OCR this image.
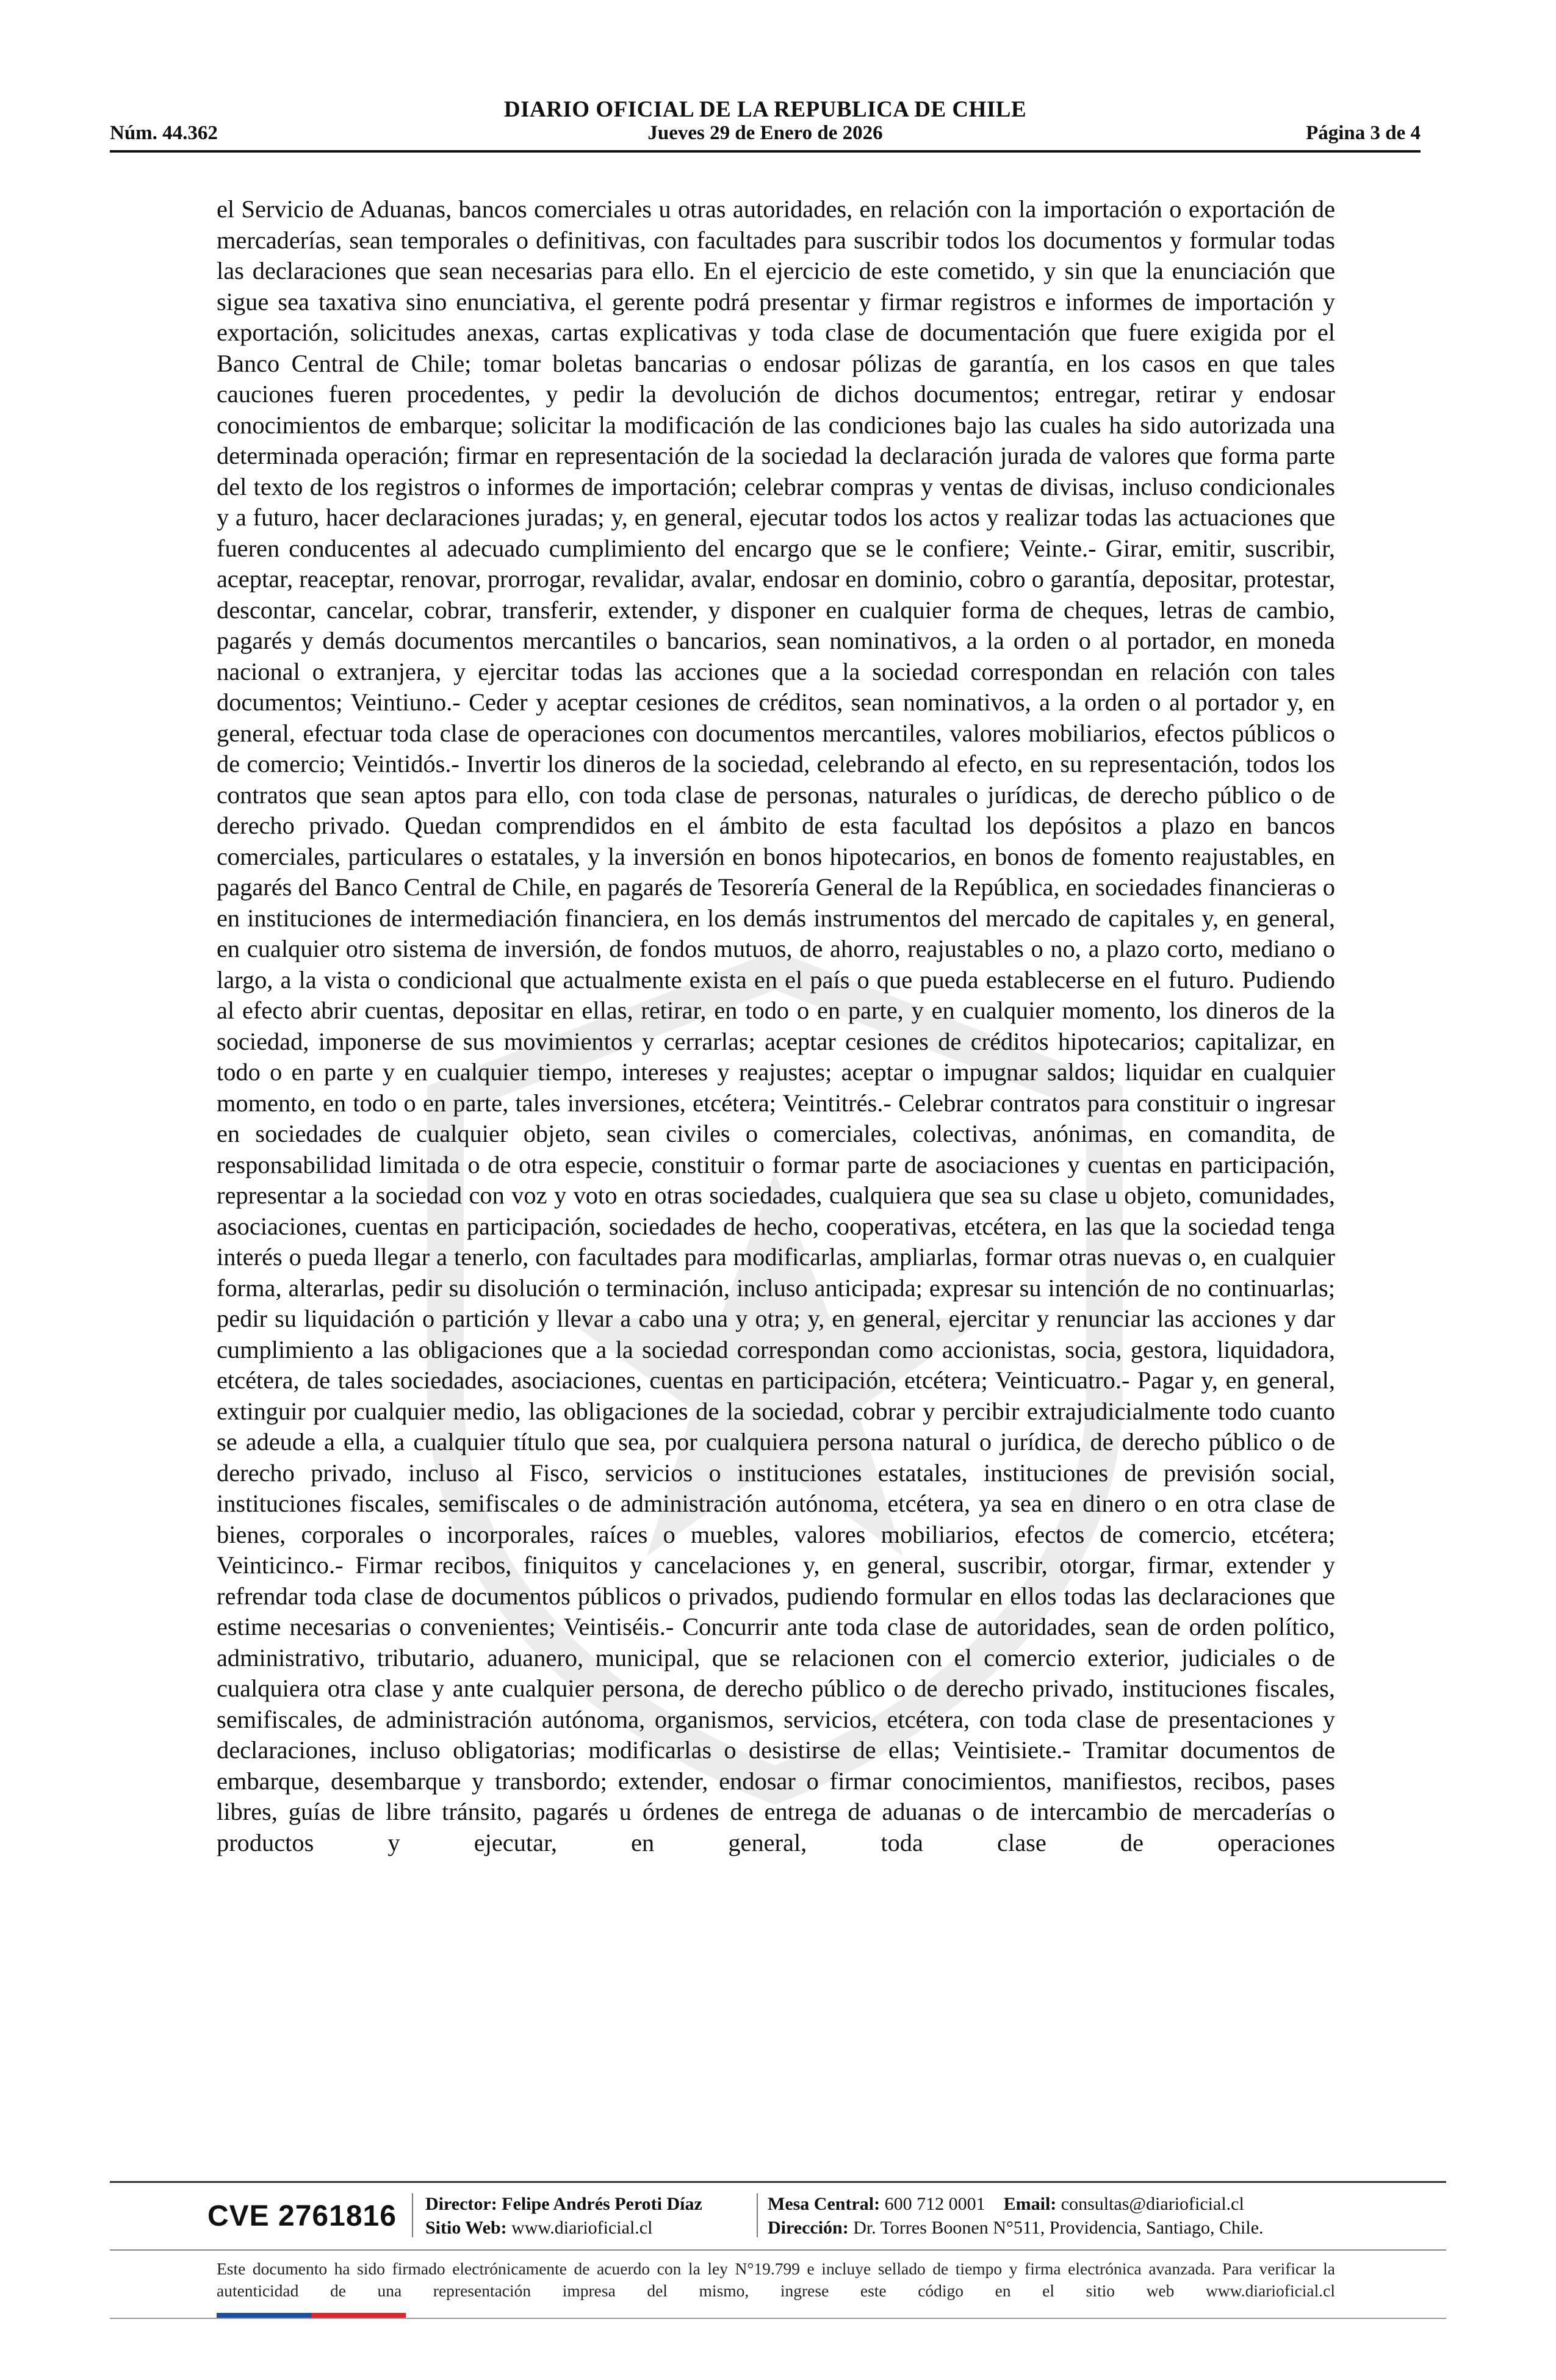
DIARIO OFICIAL DE LA REPUBLICA DE CHILE
Núm. 44.362	Jueves 29 de Enero de 2026	Página 3 de 4

el Servicio de Aduanas, bancos comerciales u otras autoridades, en relación con la importación o exportación de mercaderías, sean temporales o definitivas, con facultades para suscribir todos los documentos y formular todas las declaraciones que sean necesarias para ello. En el ejercicio de este cometido, y sin que la enunciación que sigue sea taxativa sino enunciativa, el gerente podrá presentar y firmar registros e informes de importación y exportación, solicitudes anexas, cartas explicativas y toda clase de documentación que fuere exigida por el Banco Central de Chile; tomar boletas bancarias o endosar pólizas de garantía, en los casos en que tales cauciones fueren procedentes, y pedir la devolución de dichos documentos; entregar, retirar y endosar conocimientos de embarque; solicitar la modificación de las condiciones bajo las cuales ha sido autorizada una determinada operación; firmar en representación de la sociedad la declaración jurada de valores que forma parte del texto de los registros o informes de importación; celebrar compras y ventas de divisas, incluso condicionales y a futuro, hacer declaraciones juradas; y, en general, ejecutar todos los actos y realizar todas las actuaciones que fueren conducentes al adecuado cumplimiento del encargo que se le confiere; Veinte.- Girar, emitir, suscribir, aceptar, reaceptar, renovar, prorrogar, revalidar, avalar, endosar en dominio, cobro o garantía, depositar, protestar, descontar, cancelar, cobrar, transferir, extender, y disponer en cualquier forma de cheques, letras de cambio, pagarés y demás documentos mercantiles o bancarios, sean nominativos, a la orden o al portador, en moneda nacional o extranjera, y ejercitar todas las acciones que a la sociedad correspondan en relación con tales documentos; Veintiuno.- Ceder y aceptar cesiones de créditos, sean nominativos, a la orden o al portador y, en general, efectuar toda clase de operaciones con documentos mercantiles, valores mobiliarios, efectos públicos o de comercio; Veintidós.- Invertir los dineros de la sociedad, celebrando al efecto, en su representación, todos los contratos que sean aptos para ello, con toda clase de personas, naturales o jurídicas, de derecho público o de derecho privado. Quedan comprendidos en el ámbito de esta facultad los depósitos a plazo en bancos comerciales, particulares o estatales, y la inversión en bonos hipotecarios, en bonos de fomento reajustables, en pagarés del Banco Central de Chile, en pagarés de Tesorería General de la República, en sociedades financieras o en instituciones de intermediación financiera, en los demás instrumentos del mercado de capitales y, en general, en cualquier otro sistema de inversión, de fondos mutuos, de ahorro, reajustables o no, a plazo corto, mediano o largo, a la vista o condicional que actualmente exista en el país o que pueda establecerse en el futuro. Pudiendo al efecto abrir cuentas, depositar en ellas, retirar, en todo o en parte, y en cualquier momento, los dineros de la sociedad, imponerse de sus movimientos y cerrarlas; aceptar cesiones de créditos hipotecarios; capitalizar, en todo o en parte y en cualquier tiempo, intereses y reajustes; aceptar o impugnar saldos; liquidar en cualquier momento, en todo o en parte, tales inversiones, etcétera; Veintitrés.- Celebrar contratos para constituir o ingresar en sociedades de cualquier objeto, sean civiles o comerciales, colectivas, anónimas, en comandita, de responsabilidad limitada o de otra especie, constituir o formar parte de asociaciones y cuentas en participación, representar a la sociedad con voz y voto en otras sociedades, cualquiera que sea su clase u objeto, comunidades, asociaciones, cuentas en participación, sociedades de hecho, cooperativas, etcétera, en las que la sociedad tenga interés o pueda llegar a tenerlo, con facultades para modificarlas, ampliarlas, formar otras nuevas o, en cualquier forma, alterarlas, pedir su disolución o terminación, incluso anticipada; expresar su intención de no continuarlas; pedir su liquidación o partición y llevar a cabo una y otra; y, en general, ejercitar y renunciar las acciones y dar cumplimiento a las obligaciones que a la sociedad correspondan como accionistas, socia, gestora, liquidadora, etcétera, de tales sociedades, asociaciones, cuentas en participación, etcétera; Veinticuatro.- Pagar y, en general, extinguir por cualquier medio, las obligaciones de la sociedad, cobrar y percibir extrajudicialmente todo cuanto se adeude a ella, a cualquier título que sea, por cualquiera persona natural o jurídica, de derecho público o de derecho privado, incluso al Fisco, servicios o instituciones estatales, instituciones de previsión social, instituciones fiscales, semifiscales o de administración autónoma, etcétera, ya sea en dinero o en otra clase de bienes, corporales o incorporales, raíces o muebles, valores mobiliarios, efectos de comercio, etcétera; Veinticinco.- Firmar recibos, finiquitos y cancelaciones y, en general, suscribir, otorgar, firmar, extender y refrendar toda clase de documentos públicos o privados, pudiendo formular en ellos todas las declaraciones que estime necesarias o convenientes; Veintiséis.- Concurrir ante toda clase de autoridades, sean de orden político, administrativo, tributario, aduanero, municipal, que se relacionen con el comercio exterior, judiciales o de cualquiera otra clase y ante cualquier persona, de derecho público o de derecho privado, instituciones fiscales, semifiscales, de administración autónoma, organismos, servicios, etcétera, con toda clase de presentaciones y declaraciones, incluso obligatorias; modificarlas o desistirse de ellas; Veintisiete.- Tramitar documentos de embarque, desembarque y transbordo; extender, endosar o firmar conocimientos, manifiestos, recibos, pases libres, guías de libre tránsito, pagarés u órdenes de entrega de aduanas o de intercambio de mercaderías o productos y ejecutar, en general, toda clase de operaciones

CVE 2761816 Director: Felipe Andrés Peroti Díaz
Sitio Web: www.diarioficial.cl
Mesa Central: 600 712 0001 Email: consultas@diarioficial.cl
Dirección: Dr. Torres Boonen N°511, Providencia, Santiago, Chile.
Este documento ha sido firmado electrónicamente de acuerdo con la ley N°19.799 e incluye sellado de tiempo y firma electrónica avanzada. Para verificar la autenticidad de una representación impresa del mismo, ingrese este código en el sitio web www.diarioficial.cl
